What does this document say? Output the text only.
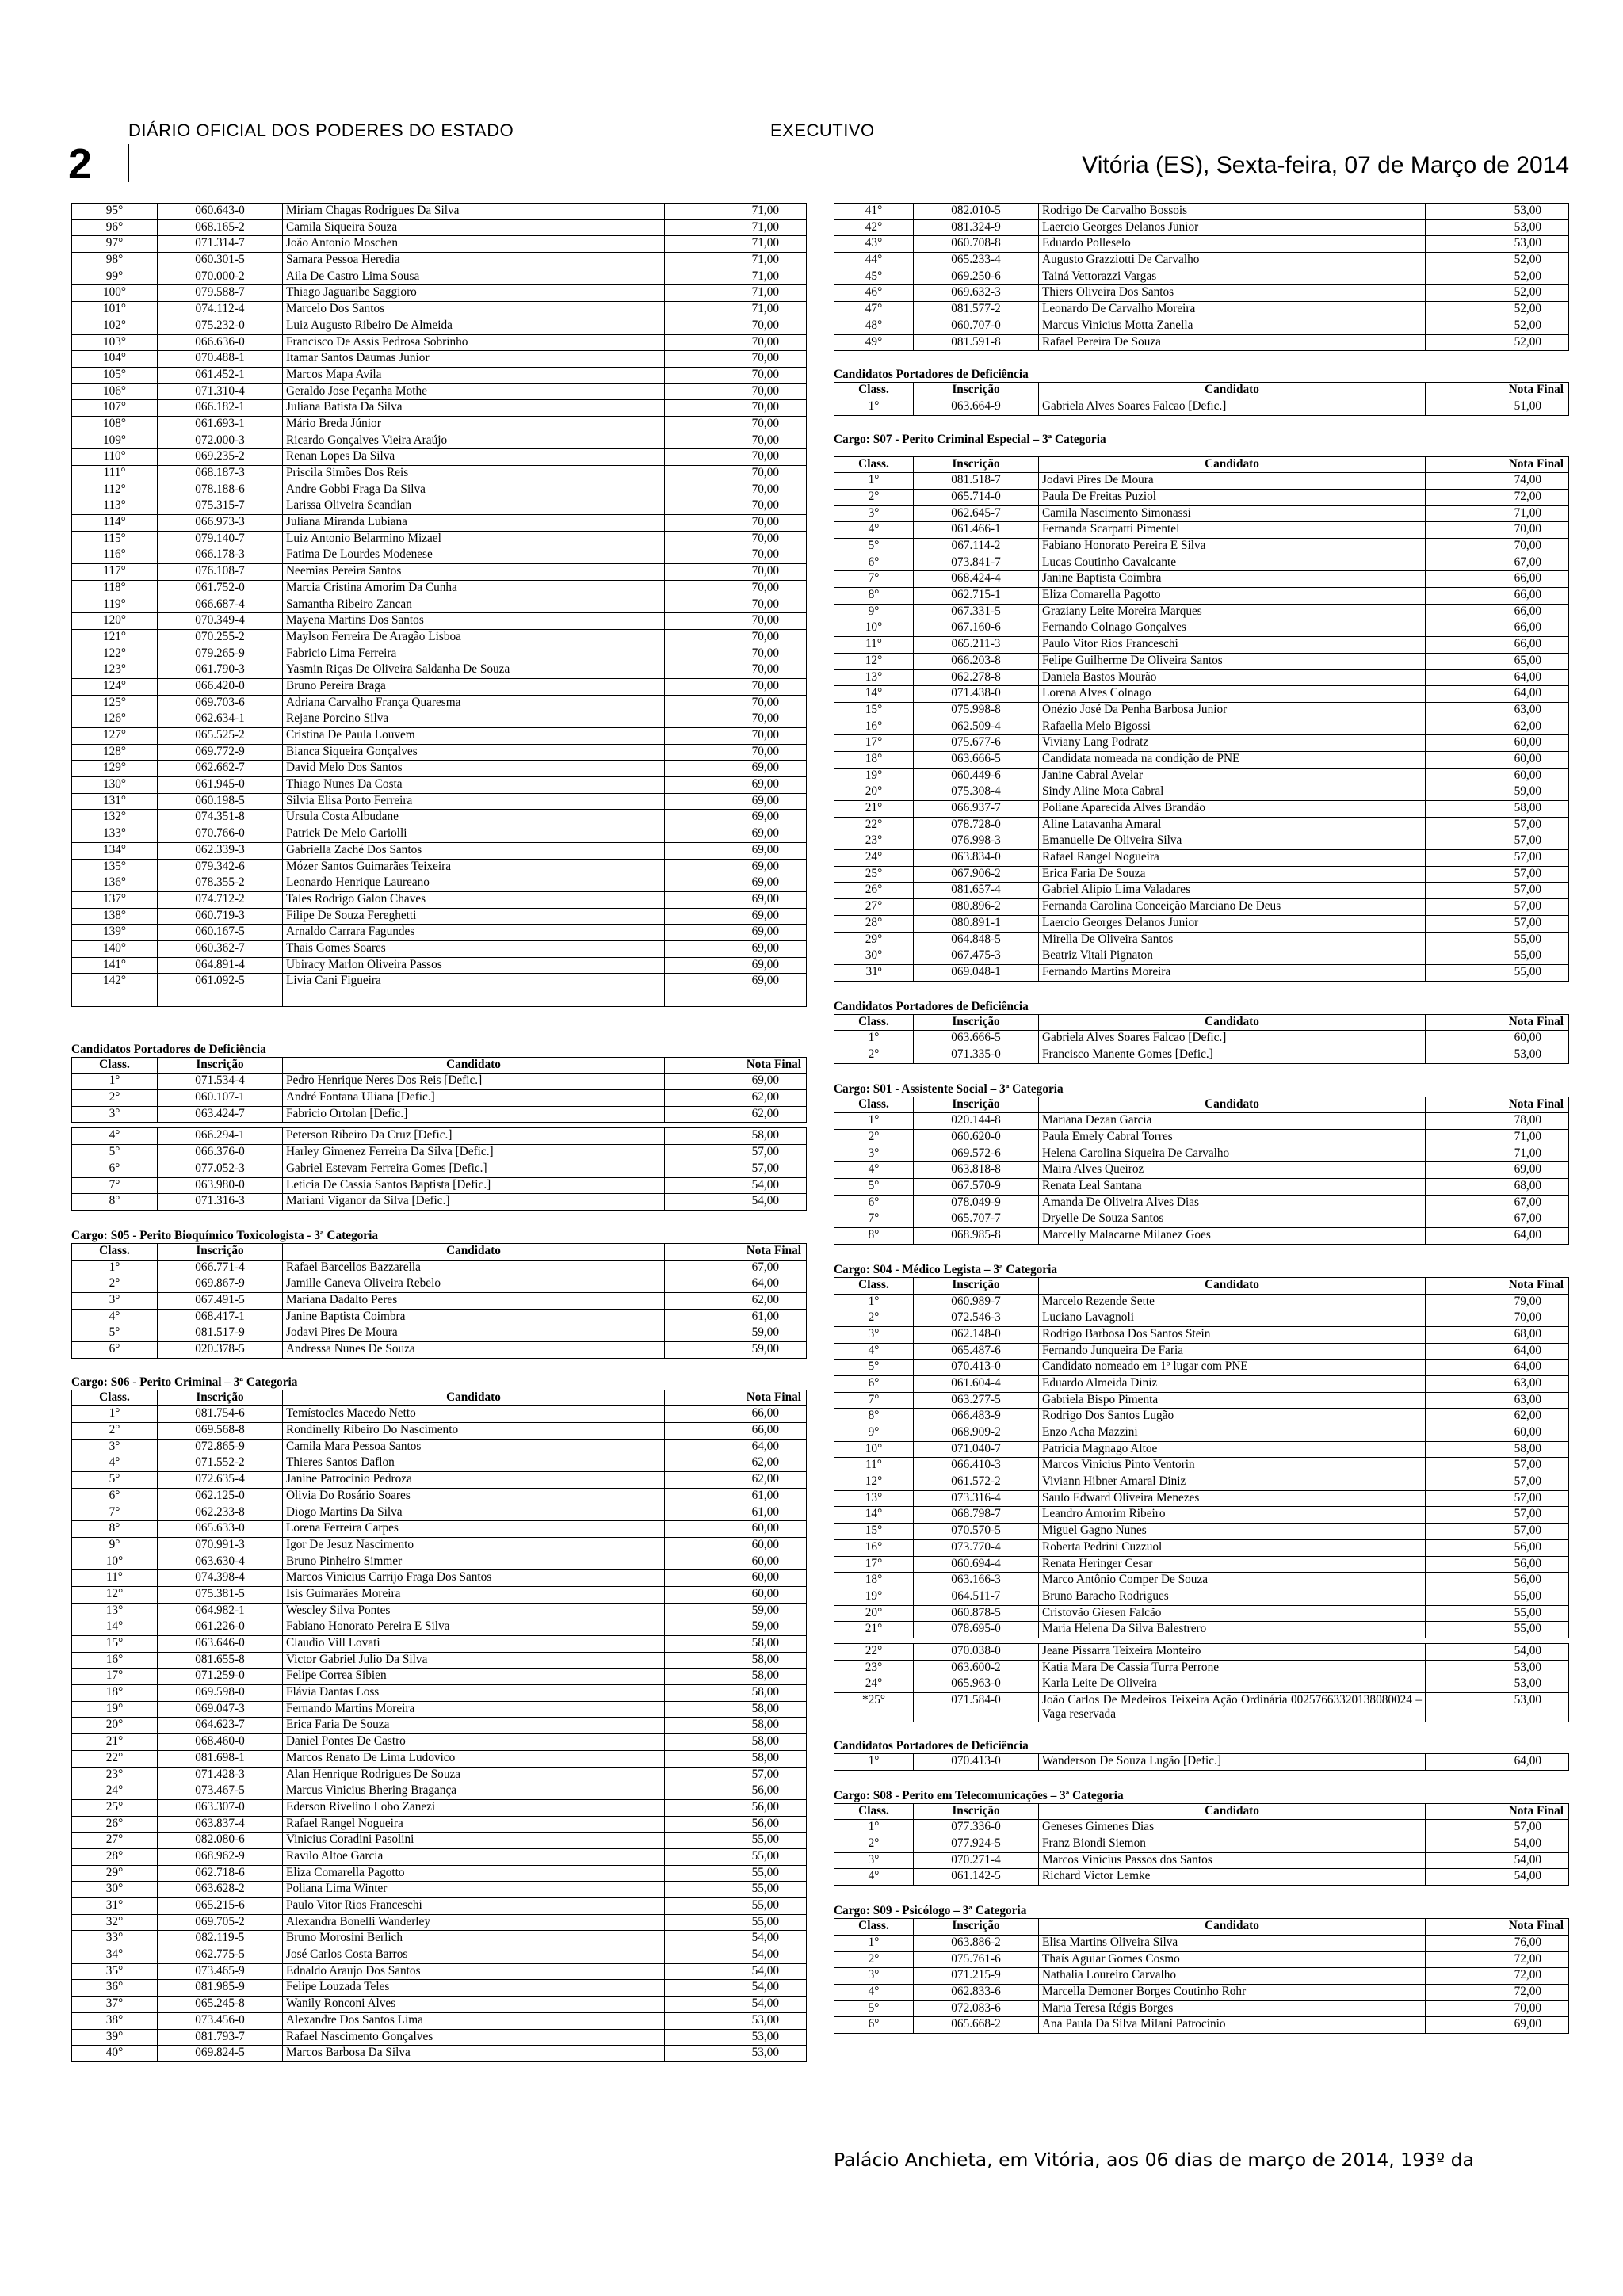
DIÁRIO OFICIAL DOS PODERES DO ESTADO	EXECUTIVO
2	Vitória (ES), Sexta-feira, 07 de Março de 2014
95°	060.643-0	Miriam Chagas Rodrigues Da Silva	71,00
96°	068.165-2	Camila Siqueira Souza	71,00
97°	071.314-7	João Antonio Moschen	71,00
98°	060.301-5	Samara Pessoa Heredia	71,00
99°	070.000-2	Aila De Castro Lima Sousa	71,00
100°	079.588-7	Thiago Jaguaribe Saggioro	71,00
101°	074.112-4	Marcelo Dos Santos	71,00
102°	075.232-0	Luiz Augusto Ribeiro De Almeida	70,00
103°	066.636-0	Francisco De Assis Pedrosa Sobrinho	70,00
104°	070.488-1	Itamar Santos Daumas Junior	70,00
105°	061.452-1	Marcos Mapa Avila	70,00
106°	071.310-4	Geraldo Jose Peçanha Mothe	70,00
107°	066.182-1	Juliana Batista Da Silva	70,00
108°	061.693-1	Mário Breda Júnior	70,00
109°	072.000-3	Ricardo Gonçalves Vieira Araújo	70,00
110°	069.235-2	Renan Lopes Da Silva	70,00
111°	068.187-3	Priscila Simões Dos Reis	70,00
112°	078.188-6	Andre Gobbi Fraga Da Silva	70,00
113°	075.315-7	Larissa Oliveira Scandian	70,00
114°	066.973-3	Juliana Miranda Lubiana	70,00
115°	079.140-7	Luiz Antonio Belarmino Mizael	70,00
116°	066.178-3	Fatima De Lourdes Modenese	70,00
117°	076.108-7	Neemias Pereira Santos	70,00
118°	061.752-0	Marcia Cristina Amorim Da Cunha	70,00
119°	066.687-4	Samantha Ribeiro Zancan	70,00
120°	070.349-4	Mayena Martins Dos Santos	70,00
121°	070.255-2	Maylson Ferreira De Aragão Lisboa	70,00
122°	079.265-9	Fabricio Lima Ferreira	70,00
123°	061.790-3	Yasmin Riças De Oliveira Saldanha De Souza	70,00
124°	066.420-0	Bruno Pereira Braga	70,00
125°	069.703-6	Adriana Carvalho França Quaresma	70,00
126°	062.634-1	Rejane Porcino Silva	70,00
127°	065.525-2	Cristina De Paula Louvem	70,00
128°	069.772-9	Bianca Siqueira Gonçalves	70,00
129°	062.662-7	David Melo Dos Santos	69,00
130°	061.945-0	Thiago Nunes Da Costa	69,00
131°	060.198-5	Silvia Elisa Porto Ferreira	69,00
132°	074.351-8	Ursula Costa Albudane	69,00
133°	070.766-0	Patrick De Melo Gariolli	69,00
134°	062.339-3	Gabriella Zaché Dos Santos	69,00
135°	079.342-6	Mózer Santos Guimarães Teixeira	69,00
136°	078.355-2	Leonardo Henrique Laureano	69,00
137°	074.712-2	Tales Rodrigo Galon Chaves	69,00
138°	060.719-3	Filipe De Souza Fereghetti	69,00
139°	060.167-5	Arnaldo Carrara Fagundes	69,00
140°	060.362-7	Thais Gomes Soares	69,00
141°	064.891-4	Ubiracy Marlon Oliveira Passos	69,00
142°	061.092-5	Livia Cani Figueira	69,00

Candidatos Portadores de Deficiência
Class.	Inscrição	Candidato	Nota Final
1°	071.534-4	Pedro Henrique Neres Dos Reis [Defic.]	69,00
2°	060.107-1	André Fontana Uliana [Defic.]	62,00
3°	063.424-7	Fabricio Ortolan [Defic.]	62,00
4°	066.294-1	Peterson Ribeiro Da Cruz [Defic.]	58,00
5°	066.376-0	Harley Gimenez Ferreira Da Silva [Defic.]	57,00
6°	077.052-3	Gabriel Estevam Ferreira Gomes [Defic.]	57,00
7°	063.980-0	Leticia De Cassia Santos Baptista [Defic.]	54,00
8°	071.316-3	Mariani Viganor da Silva [Defic.]	54,00
Cargo: S05 - Perito Bioquímico Toxicologista - 3ª Categoria
Class.	Inscrição	Candidato	Nota Final
1°	066.771-4	Rafael Barcellos Bazzarella	67,00
2°	069.867-9	Jamille Caneva Oliveira Rebelo	64,00
3°	067.491-5	Mariana Dadalto Peres	62,00
4°	068.417-1	Janine Baptista Coimbra	61,00
5°	081.517-9	Jodavi Pires De Moura	59,00
6°	020.378-5	Andressa Nunes De Souza	59,00
Cargo: S06 - Perito Criminal – 3ª Categoria
Class.	Inscrição	Candidato	Nota Final
1°	081.754-6	Temístocles Macedo Netto	66,00
2°	069.568-8	Rondinelly Ribeiro Do Nascimento	66,00
3°	072.865-9	Camila Mara Pessoa Santos	64,00
4°	071.552-2	Thieres Santos Daflon	62,00
5°	072.635-4	Janine Patrocinio Pedroza	62,00
6°	062.125-0	Olivia Do Rosário Soares	61,00
7°	062.233-8	Diogo Martins Da Silva	61,00
8°	065.633-0	Lorena Ferreira Carpes	60,00
9°	070.991-3	Igor De Jesuz Nascimento	60,00
10°	063.630-4	Bruno Pinheiro Simmer	60,00
11°	074.398-4	Marcos Vinicius Carrijo Fraga Dos Santos	60,00
12°	075.381-5	Isis Guimarães Moreira	60,00
13°	064.982-1	Wescley Silva Pontes	59,00
14°	061.226-0	Fabiano Honorato Pereira E Silva	59,00
15°	063.646-0	Claudio Vill Lovati	58,00
16°	081.655-8	Victor Gabriel Julio Da Silva	58,00
17°	071.259-0	Felipe Correa Sibien	58,00
18°	069.598-0	Flávia Dantas Loss	58,00
19°	069.047-3	Fernando Martins Moreira	58,00
20°	064.623-7	Erica Faria De Souza	58,00
21°	068.460-0	Daniel Pontes De Castro	58,00
22°	081.698-1	Marcos Renato De Lima Ludovico	58,00
23°	071.428-3	Alan Henrique Rodrigues De Souza	57,00
24°	073.467-5	Marcus Vinicius Bhering Bragança	56,00
25°	063.307-0	Ederson Rivelino Lobo Zanezi	56,00
26°	063.837-4	Rafael Rangel Nogueira	56,00
27°	082.080-6	Vinicius Coradini Pasolini	55,00
28°	068.962-9	Ravilo Altoe Garcia	55,00
29°	062.718-6	Eliza Comarella Pagotto	55,00
30°	063.628-2	Poliana Lima Winter	55,00
31°	065.215-6	Paulo Vitor Rios Franceschi	55,00
32°	069.705-2	Alexandra Bonelli Wanderley	55,00
33°	082.119-5	Bruno Morosini Berlich	54,00
34°	062.775-5	José Carlos Costa Barros	54,00
35°	073.465-9	Ednaldo Araujo Dos Santos	54,00
36°	081.985-9	Felipe Louzada Teles	54,00
37°	065.245-8	Wanily Ronconi Alves	54,00
38°	073.456-0	Alexandre Dos Santos Lima	53,00
39°	081.793-7	Rafael Nascimento Gonçalves	53,00
40°	069.824-5	Marcos Barbosa Da Silva	53,00
41°	082.010-5	Rodrigo De Carvalho Bossois	53,00
42°	081.324-9	Laercio Georges Delanos Junior	53,00
43°	060.708-8	Eduardo Polleselo	53,00
44°	065.233-4	Augusto Grazziotti De Carvalho	52,00
45°	069.250-6	Tainá Vettorazzi Vargas	52,00
46°	069.632-3	Thiers Oliveira Dos Santos	52,00
47°	081.577-2	Leonardo De Carvalho Moreira	52,00
48°	060.707-0	Marcus Vinicius Motta Zanella	52,00
49°	081.591-8	Rafael Pereira De Souza	52,00
Candidatos Portadores de Deficiência
Class.	Inscrição	Candidato	Nota Final
1°	063.664-9	Gabriela Alves Soares Falcao [Defic.]	51,00
Cargo: S07 - Perito Criminal Especial – 3ª Categoria
Class.	Inscrição	Candidato	Nota Final
1°	081.518-7	Jodavi Pires De Moura	74,00
2°	065.714-0	Paula De Freitas Puziol	72,00
3°	062.645-7	Camila Nascimento Simonassi	71,00
4°	061.466-1	Fernanda Scarpatti Pimentel	70,00
5°	067.114-2	Fabiano Honorato Pereira E Silva	70,00
6°	073.841-7	Lucas Coutinho Cavalcante	67,00
7°	068.424-4	Janine Baptista Coimbra	66,00
8°	062.715-1	Eliza Comarella Pagotto	66,00
9°	067.331-5	Graziany Leite Moreira Marques	66,00
10°	067.160-6	Fernando Colnago Gonçalves	66,00
11°	065.211-3	Paulo Vitor Rios Franceschi	66,00
12°	066.203-8	Felipe Guilherme De Oliveira Santos	65,00
13°	062.278-8	Daniela Bastos Mourão	64,00
14°	071.438-0	Lorena Alves Colnago	64,00
15°	075.998-8	Onézio José Da Penha Barbosa Junior	63,00
16°	062.509-4	Rafaella Melo Bigossi	62,00
17°	075.677-6	Viviany Lang Podratz	60,00
18°	063.666-5	Candidata nomeada na condição de PNE	60,00
19°	060.449-6	Janine Cabral Avelar	60,00
20°	075.308-4	Sindy Aline Mota Cabral	59,00
21°	066.937-7	Poliane Aparecida Alves Brandão	58,00
22°	078.728-0	Aline Latavanha Amaral	57,00
23°	076.998-3	Emanuelle De Oliveira Silva	57,00
24°	063.834-0	Rafael Rangel Nogueira	57,00
25°	067.906-2	Erica Faria De Souza	57,00
26°	081.657-4	Gabriel Alipio Lima Valadares	57,00
27°	080.896-2	Fernanda Carolina Conceição Marciano De Deus	57,00
28°	080.891-1	Laercio Georges Delanos Junior	57,00
29°	064.848-5	Mirella De Oliveira Santos	55,00
30°	067.475-3	Beatriz Vitali Pignaton	55,00
31º	069.048-1	Fernando Martins Moreira	55,00
Candidatos Portadores de Deficiência
Class.	Inscrição	Candidato	Nota Final
1°	063.666-5	Gabriela Alves Soares Falcao [Defic.]	60,00
2°	071.335-0	Francisco Manente Gomes [Defic.]	53,00
Cargo: S01 - Assistente Social – 3ª Categoria
Class.	Inscrição	Candidato	Nota Final
1°	020.144-8	Mariana Dezan Garcia	78,00
2°	060.620-0	Paula Emely Cabral Torres	71,00
3°	069.572-6	Helena Carolina Siqueira De Carvalho	71,00
4°	063.818-8	Maira Alves Queiroz	69,00
5°	067.570-9	Renata Leal Santana	68,00
6°	078.049-9	Amanda De Oliveira Alves Dias	67,00
7°	065.707-7	Dryelle De Souza Santos	67,00
8°	068.985-8	Marcelly Malacarne Milanez Goes	64,00
Cargo: S04 - Médico Legista – 3ª Categoria
Class.	Inscrição	Candidato	Nota Final
1°	060.989-7	Marcelo Rezende Sette	79,00
2°	072.546-3	Luciano Lavagnoli	70,00
3°	062.148-0	Rodrigo Barbosa Dos Santos Stein	68,00
4°	065.487-6	Fernando Junqueira De Faria	64,00
5°	070.413-0	Candidato nomeado em 1º lugar com PNE	64,00
6°	061.604-4	Eduardo Almeida Diniz	63,00
7°	063.277-5	Gabriela Bispo Pimenta	63,00
8°	066.483-9	Rodrigo Dos Santos Lugão	62,00
9°	068.909-2	Enzo Acha Mazzini	60,00
10°	071.040-7	Patricia Magnago Altoe	58,00
11°	066.410-3	Marcos Vinicius Pinto Ventorin	57,00
12°	061.572-2	Viviann Hibner Amaral Diniz	57,00
13°	073.316-4	Saulo Edward Oliveira Menezes	57,00
14°	068.798-7	Leandro Amorim Ribeiro	57,00
15°	070.570-5	Miguel Gagno Nunes	57,00
16°	073.770-4	Roberta Pedrini Cuzzuol	56,00
17°	060.694-4	Renata Heringer Cesar	56,00
18°	063.166-3	Marco Antônio Comper De Souza	56,00
19°	064.511-7	Bruno Baracho Rodrigues	55,00
20°	060.878-5	Cristovão Giesen Falcão	55,00
21°	078.695-0	Maria Helena Da Silva Balestrero	55,00
22°	070.038-0	Jeane Pissarra Teixeira Monteiro	54,00
23°	063.600-2	Katia Mara De Cassia Turra Perrone	53,00
24°	065.963-0	Karla Leite De Oliveira	53,00
*25°	071.584-0	João Carlos De Medeiros Teixeira Ação Ordinária 00257663320138080024 – Vaga reservada	53,00
Candidatos Portadores de Deficiência
1°	070.413-0	Wanderson De Souza Lugão [Defic.]	64,00
Cargo: S08 - Perito em Telecomunicações – 3ª Categoria
Class.	Inscrição	Candidato	Nota Final
1°	077.336-0	Geneses Gimenes Dias	57,00
2°	077.924-5	Franz Biondi Siemon	54,00
3°	070.271-4	Marcos Vinícius Passos dos Santos	54,00
4°	061.142-5	Richard Victor Lemke	54,00
Cargo: S09 - Psicólogo – 3ª Categoria
Class.	Inscrição	Candidato	Nota Final
1°	063.886-2	Elisa Martins Oliveira Silva	76,00
2°	075.761-6	Thaís Aguiar Gomes Cosmo	72,00
3°	071.215-9	Nathalia Loureiro Carvalho	72,00
4°	062.833-6	Marcella Demoner Borges Coutinho Rohr	72,00
5°	072.083-6	Maria Teresa Régis Borges	70,00
6°	065.668-2	Ana Paula Da Silva Milani Patrocínio	69,00
Palácio Anchieta, em Vitória, aos 06 dias de março de 2014, 193º da
